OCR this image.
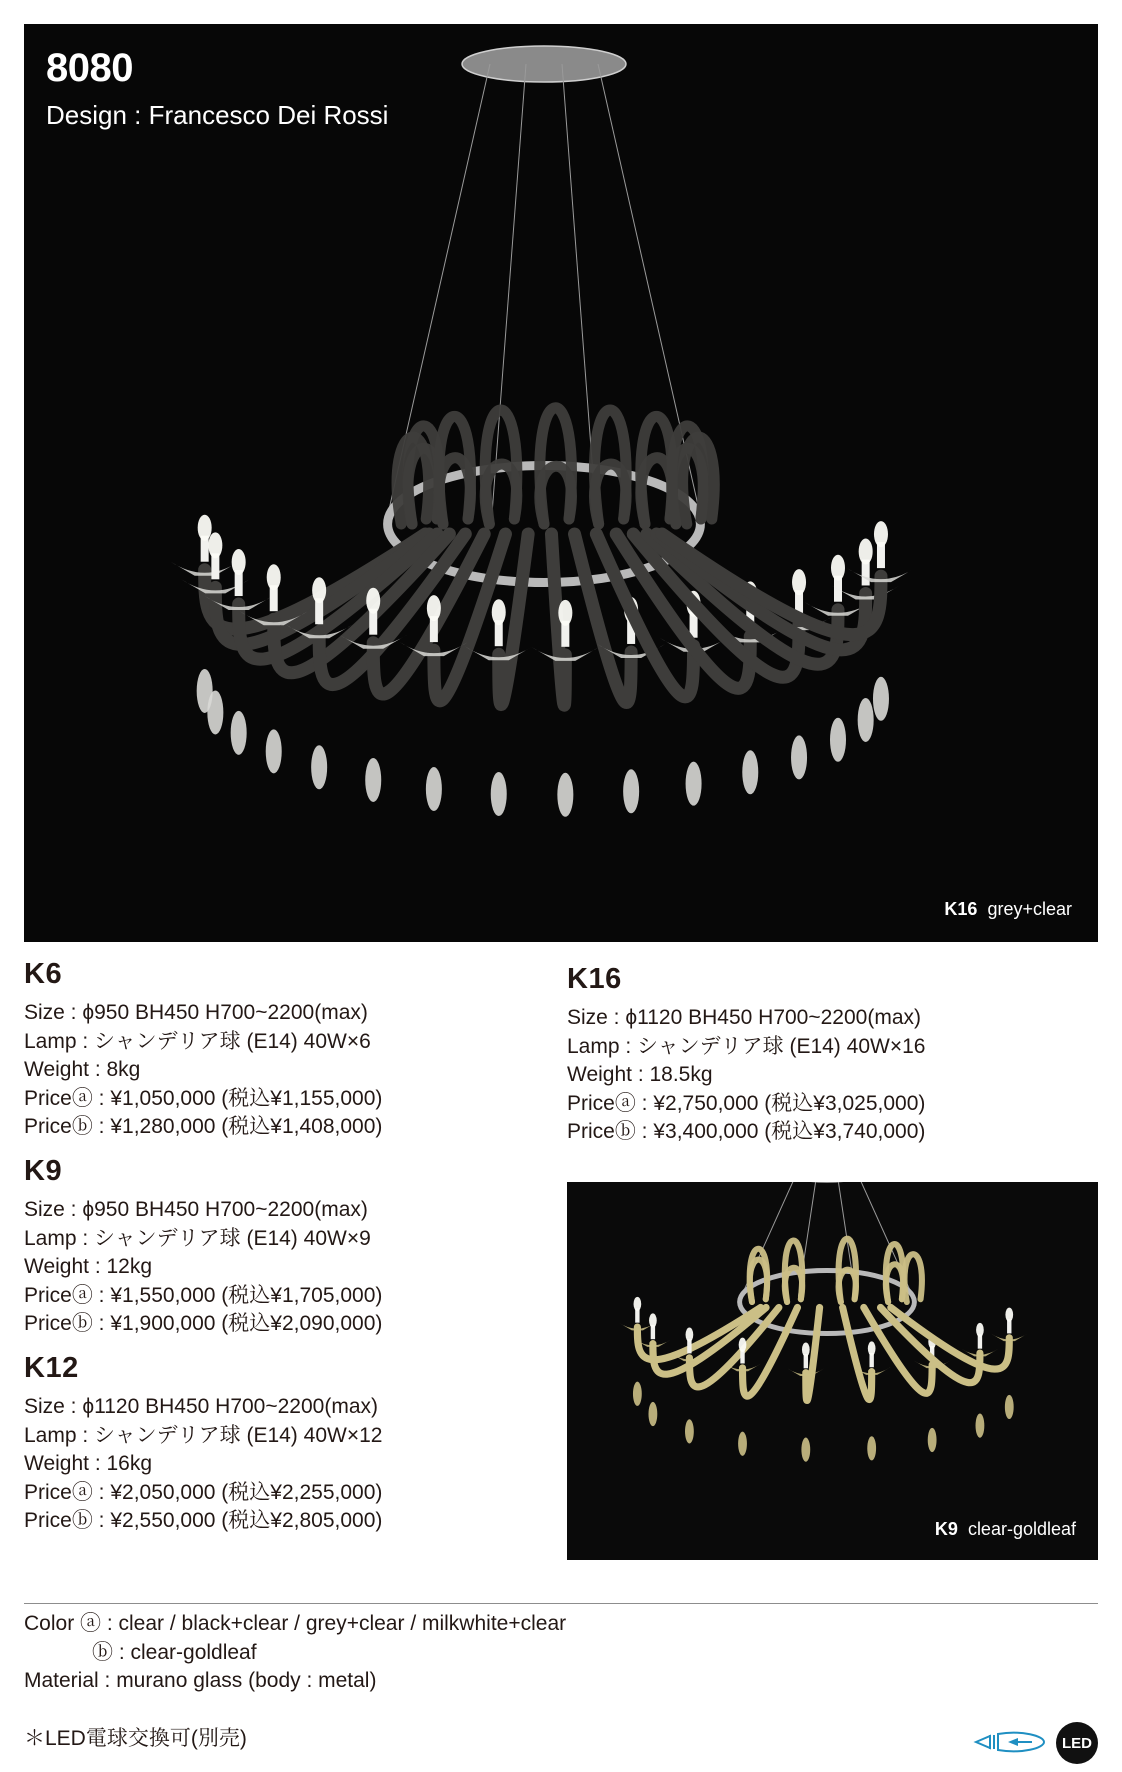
8080
Design : Francesco Dei Rossi
K16 grey+clear
K6
Size : ϕ950 BH450 H700~2200(max)
Lamp : シャンデリア球 (E14) 40W×6
Weight : 8kg
Priceⓐ : ¥1,050,000 (税込¥1,155,000)
Priceⓑ : ¥1,280,000 (税込¥1,408,000)
K9
Size : ϕ950 BH450 H700~2200(max)
Lamp : シャンデリア球 (E14) 40W×9
Weight : 12kg
Priceⓐ : ¥1,550,000 (税込¥1,705,000)
Priceⓑ : ¥1,900,000 (税込¥2,090,000)
K12
Size : ϕ1120 BH450 H700~2200(max)
Lamp : シャンデリア球 (E14) 40W×12
Weight : 16kg
Priceⓐ : ¥2,050,000 (税込¥2,255,000)
Priceⓑ : ¥2,550,000 (税込¥2,805,000)
K16
Size : ϕ1120 BH450 H700~2200(max)
Lamp : シャンデリア球 (E14) 40W×16
Weight : 18.5kg
Priceⓐ : ¥2,750,000 (税込¥3,025,000)
Priceⓑ : ¥3,400,000 (税込¥3,740,000)
K9 clear-goldleaf
Color ⓐ : clear / black+clear / grey+clear / milkwhite+clear
ⓑ : clear-goldleaf
Material : murano glass (body : metal)
＊LED電球交換可(別売)	LED
